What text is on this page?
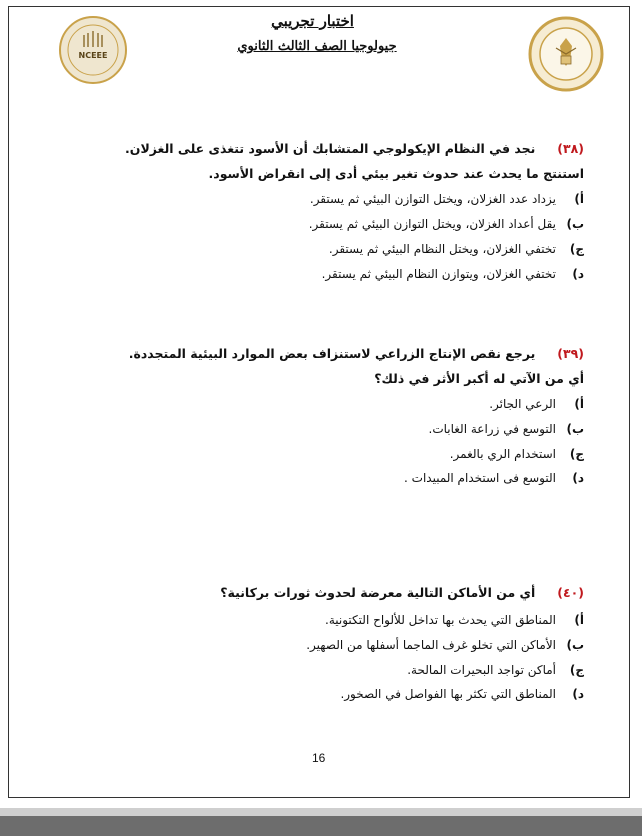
NCEEE
اختبار تجريبي
جيولوجيا الصف الثالث الثانوي
(٣٨)نجد في النظام الإيكولوجي المتشابك أن الأسود تتغذى على الغزلان.
استنتج ما يحدث عند حدوث تغير بيئي أدى إلى انقراض الأسود.
أ)يزداد عدد الغزلان، ويختل التوازن البيئي ثم يستقر.
ب)يقل أعداد الغزلان، ويختل التوازن البيئي ثم يستقر.
ج)تختفي الغزلان، ويختل النظام البيئي ثم يستقر.
د)تختفي الغزلان، ويتوازن النظام البيئي ثم يستقر.
(٣٩)يرجع نقص الإنتاج الزراعي لاستنزاف بعض الموارد البيئية المتجددة.
أي من الآتي له أكبر الأثر في ذلك؟
أ)الرعي الجائر.
ب)التوسع في زراعة الغابات.
ج)استخدام الري بالغمر.
د)التوسع فى استخدام المبيدات .
(٤٠)أي من الأماكن التالية معرضة لحدوث ثورات بركانية؟
أ)المناطق التي يحدث بها تداخل للألواح التكتونية.
ب)الأماكن التي تخلو غرف الماجما أسفلها من الصهير.
ج)أماكن تواجد البحيرات المالحة.
د)المناطق التي تكثر بها الفواصل في الصخور.
16
